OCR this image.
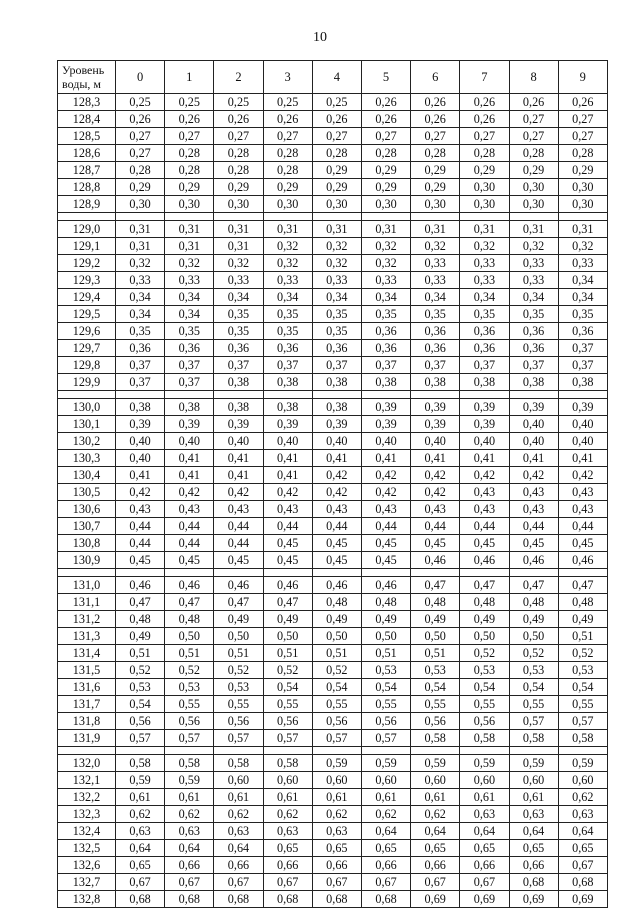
10
Уровень
воды, м	0	1	2	3	4	5	6	7	8	9
128,3	0,25	0,25	0,25	0,25	0,25	0,26	0,26	0,26	0,26	0,26
128,4	0,26	0,26	0,26	0,26	0,26	0,26	0,26	0,26	0,27	0,27
128,5	0,27	0,27	0,27	0,27	0,27	0,27	0,27	0,27	0,27	0,27
128,6	0,27	0,28	0,28	0,28	0,28	0,28	0,28	0,28	0,28	0,28
128,7	0,28	0,28	0,28	0,28	0,29	0,29	0,29	0,29	0,29	0,29
128,8	0,29	0,29	0,29	0,29	0,29	0,29	0,29	0,30	0,30	0,30
128,9	0,30	0,30	0,30	0,30	0,30	0,30	0,30	0,30	0,30	0,30

129,0	0,31	0,31	0,31	0,31	0,31	0,31	0,31	0,31	0,31	0,31
129,1	0,31	0,31	0,31	0,32	0,32	0,32	0,32	0,32	0,32	0,32
129,2	0,32	0,32	0,32	0,32	0,32	0,32	0,33	0,33	0,33	0,33
129,3	0,33	0,33	0,33	0,33	0,33	0,33	0,33	0,33	0,33	0,34
129,4	0,34	0,34	0,34	0,34	0,34	0,34	0,34	0,34	0,34	0,34
129,5	0,34	0,34	0,35	0,35	0,35	0,35	0,35	0,35	0,35	0,35
129,6	0,35	0,35	0,35	0,35	0,35	0,36	0,36	0,36	0,36	0,36
129,7	0,36	0,36	0,36	0,36	0,36	0,36	0,36	0,36	0,36	0,37
129,8	0,37	0,37	0,37	0,37	0,37	0,37	0,37	0,37	0,37	0,37
129,9	0,37	0,37	0,38	0,38	0,38	0,38	0,38	0,38	0,38	0,38

130,0	0,38	0,38	0,38	0,38	0,38	0,39	0,39	0,39	0,39	0,39
130,1	0,39	0,39	0,39	0,39	0,39	0,39	0,39	0,39	0,40	0,40
130,2	0,40	0,40	0,40	0,40	0,40	0,40	0,40	0,40	0,40	0,40
130,3	0,40	0,41	0,41	0,41	0,41	0,41	0,41	0,41	0,41	0,41
130,4	0,41	0,41	0,41	0,41	0,42	0,42	0,42	0,42	0,42	0,42
130,5	0,42	0,42	0,42	0,42	0,42	0,42	0,42	0,43	0,43	0,43
130,6	0,43	0,43	0,43	0,43	0,43	0,43	0,43	0,43	0,43	0,43
130,7	0,44	0,44	0,44	0,44	0,44	0,44	0,44	0,44	0,44	0,44
130,8	0,44	0,44	0,44	0,45	0,45	0,45	0,45	0,45	0,45	0,45
130,9	0,45	0,45	0,45	0,45	0,45	0,45	0,46	0,46	0,46	0,46

131,0	0,46	0,46	0,46	0,46	0,46	0,46	0,47	0,47	0,47	0,47
131,1	0,47	0,47	0,47	0,47	0,48	0,48	0,48	0,48	0,48	0,48
131,2	0,48	0,48	0,49	0,49	0,49	0,49	0,49	0,49	0,49	0,49
131,3	0,49	0,50	0,50	0,50	0,50	0,50	0,50	0,50	0,50	0,51
131,4	0,51	0,51	0,51	0,51	0,51	0,51	0,51	0,52	0,52	0,52
131,5	0,52	0,52	0,52	0,52	0,52	0,53	0,53	0,53	0,53	0,53
131,6	0,53	0,53	0,53	0,54	0,54	0,54	0,54	0,54	0,54	0,54
131,7	0,54	0,55	0,55	0,55	0,55	0,55	0,55	0,55	0,55	0,55
131,8	0,56	0,56	0,56	0,56	0,56	0,56	0,56	0,56	0,57	0,57
131,9	0,57	0,57	0,57	0,57	0,57	0,57	0,58	0,58	0,58	0,58

132,0	0,58	0,58	0,58	0,58	0,59	0,59	0,59	0,59	0,59	0,59
132,1	0,59	0,59	0,60	0,60	0,60	0,60	0,60	0,60	0,60	0,60
132,2	0,61	0,61	0,61	0,61	0,61	0,61	0,61	0,61	0,61	0,62
132,3	0,62	0,62	0,62	0,62	0,62	0,62	0,62	0,63	0,63	0,63
132,4	0,63	0,63	0,63	0,63	0,63	0,64	0,64	0,64	0,64	0,64
132,5	0,64	0,64	0,64	0,65	0,65	0,65	0,65	0,65	0,65	0,65
132,6	0,65	0,66	0,66	0,66	0,66	0,66	0,66	0,66	0,66	0,67
132,7	0,67	0,67	0,67	0,67	0,67	0,67	0,67	0,67	0,68	0,68
132,8	0,68	0,68	0,68	0,68	0,68	0,68	0,69	0,69	0,69	0,69
